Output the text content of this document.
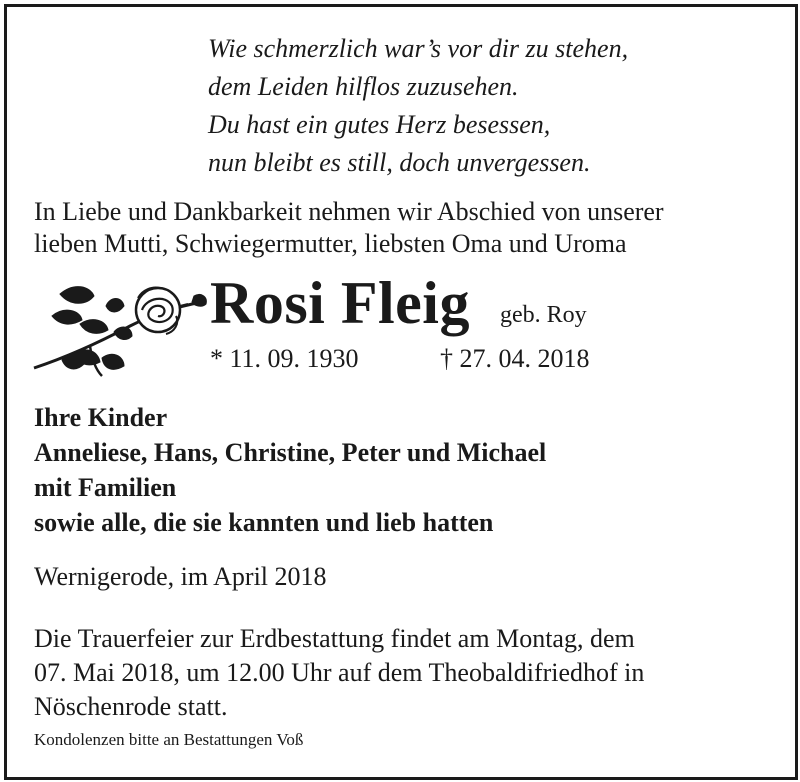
Wie schmerzlich war’s vor dir zu stehen,
dem Leiden hilflos zuzusehen.
Du hast ein gutes Herz besessen,
nun bleibt es still, doch unvergessen.
In Liebe und Dankbarkeit nehmen wir Abschied von unserer
lieben Mutti, Schwiegermutter, liebsten Oma und Uroma
Rosi Fleig geb. Roy
* 11. 09. 1930	† 27. 04. 2018
Ihre Kinder
Anneliese, Hans, Christine, Peter und Michael
mit Familien
sowie alle, die sie kannten und lieb hatten
Wernigerode, im April 2018
Die Trauerfeier zur Erdbestattung findet am Montag, dem
07. Mai 2018, um 12.00 Uhr auf dem Theobaldifriedhof in
Nöschenrode statt.
Kondolenzen bitte an Bestattungen Voß
